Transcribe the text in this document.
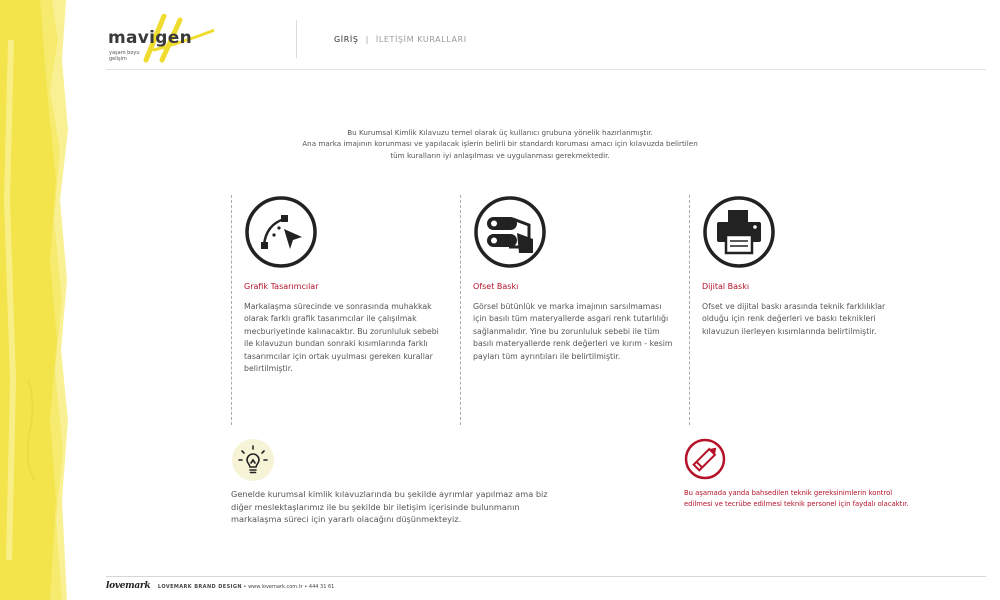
mavigen
yaşam boyu gelişim
GİRİŞ | İLETİŞİM KURALLARI
Bu Kurumsal Kimlik Kılavuzu temel olarak üç kullanıcı grubuna yönelik hazırlanmıştır.
Ana marka imajının korunması ve yapılacak işlerin belirli bir standardı koruması amacı için kılavuzda belirtilen
tüm kuralların iyi anlaşılması ve uygulanması gerekmektedir.
Grafik Tasarımcılar
Markalaşma sürecinde ve sonrasında muhakkak olarak farklı grafik tasarımcılar ile çalışılmak mecburiyetinde kalınacaktır. Bu zorunluluk sebebi ile kılavuzun bundan sonraki kısımlarında farklı tasarımcılar için ortak uyulması gereken kurallar belirtilmiştir.
Ofset Baskı
Görsel bütünlük ve marka imajının sarsılmaması için basılı tüm materyallerde asgari renk tutarlılığı sağlanmalıdır. Yine bu zorunluluk sebebi ile tüm basılı materyallerde renk değerleri ve kırım - kesim payları tüm ayrıntıları ile belirtilmiştir.
Dijital Baskı
Ofset ve dijital baskı arasında teknik farklılıklar olduğu için renk değerleri ve baskı teknikleri kılavuzun ilerleyen kısımlarında belirtilmiştir.
Genelde kurumsal kimlik kılavuzlarında bu şekilde ayrımlar yapılmaz ama biz diğer meslektaşlarımız ile bu şekilde bir iletişim içerisinde bulunmanın markalaşma süreci için yararlı olacağını düşünmekteyiz.
Bu aşamada yanda bahsedilen teknik gereksinimlerin kontrol edilmesi ve tecrübe edilmesi teknik personel için faydalı olacaktır.
lovemark LOVEMARK BRAND DESIGN • www.lovemark.com.tr • 444 31 61
